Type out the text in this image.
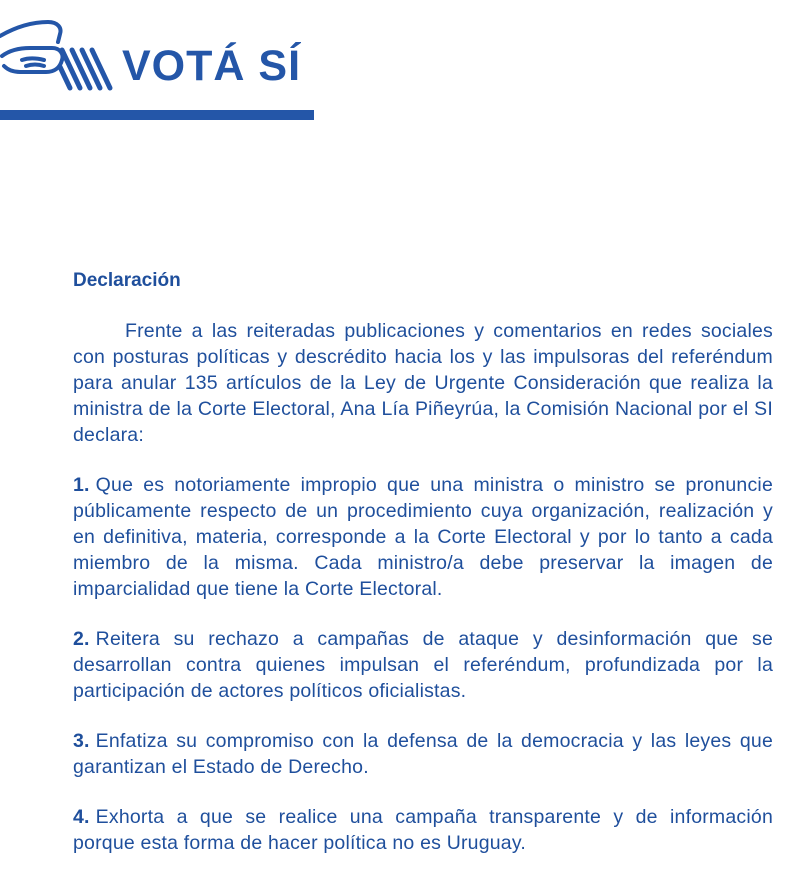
VOTÁ SÍ
Declaración

Frente a las reiteradas publicaciones y comentarios en redes sociales con posturas políticas y descrédito hacia los y las impulsoras del referéndum para anular 135 artículos de la Ley de Urgente Consideración que realiza la ministra de la Corte Electoral, Ana Lía Piñeyrúa, la Comisión Nacional por el SI declara:

1. Que es notoriamente impropio que una ministra o ministro se pronuncie públicamente respecto de un procedimiento cuya organización, realización y en definitiva, materia, corresponde a la Corte Electoral y por lo tanto a cada miembro de la misma. Cada ministro/a debe preservar la imagen de imparcialidad que tiene la Corte Electoral.

2. Reitera su rechazo a campañas de ataque y desinformación que se desarrollan contra quienes impulsan el referéndum, profundizada por la participación de actores políticos oficialistas.

3. Enfatiza su compromiso con la defensa de la democracia y las leyes que garantizan el Estado de Derecho.

4. Exhorta a que se realice una campaña transparente y de información porque esta forma de hacer política no es Uruguay.
